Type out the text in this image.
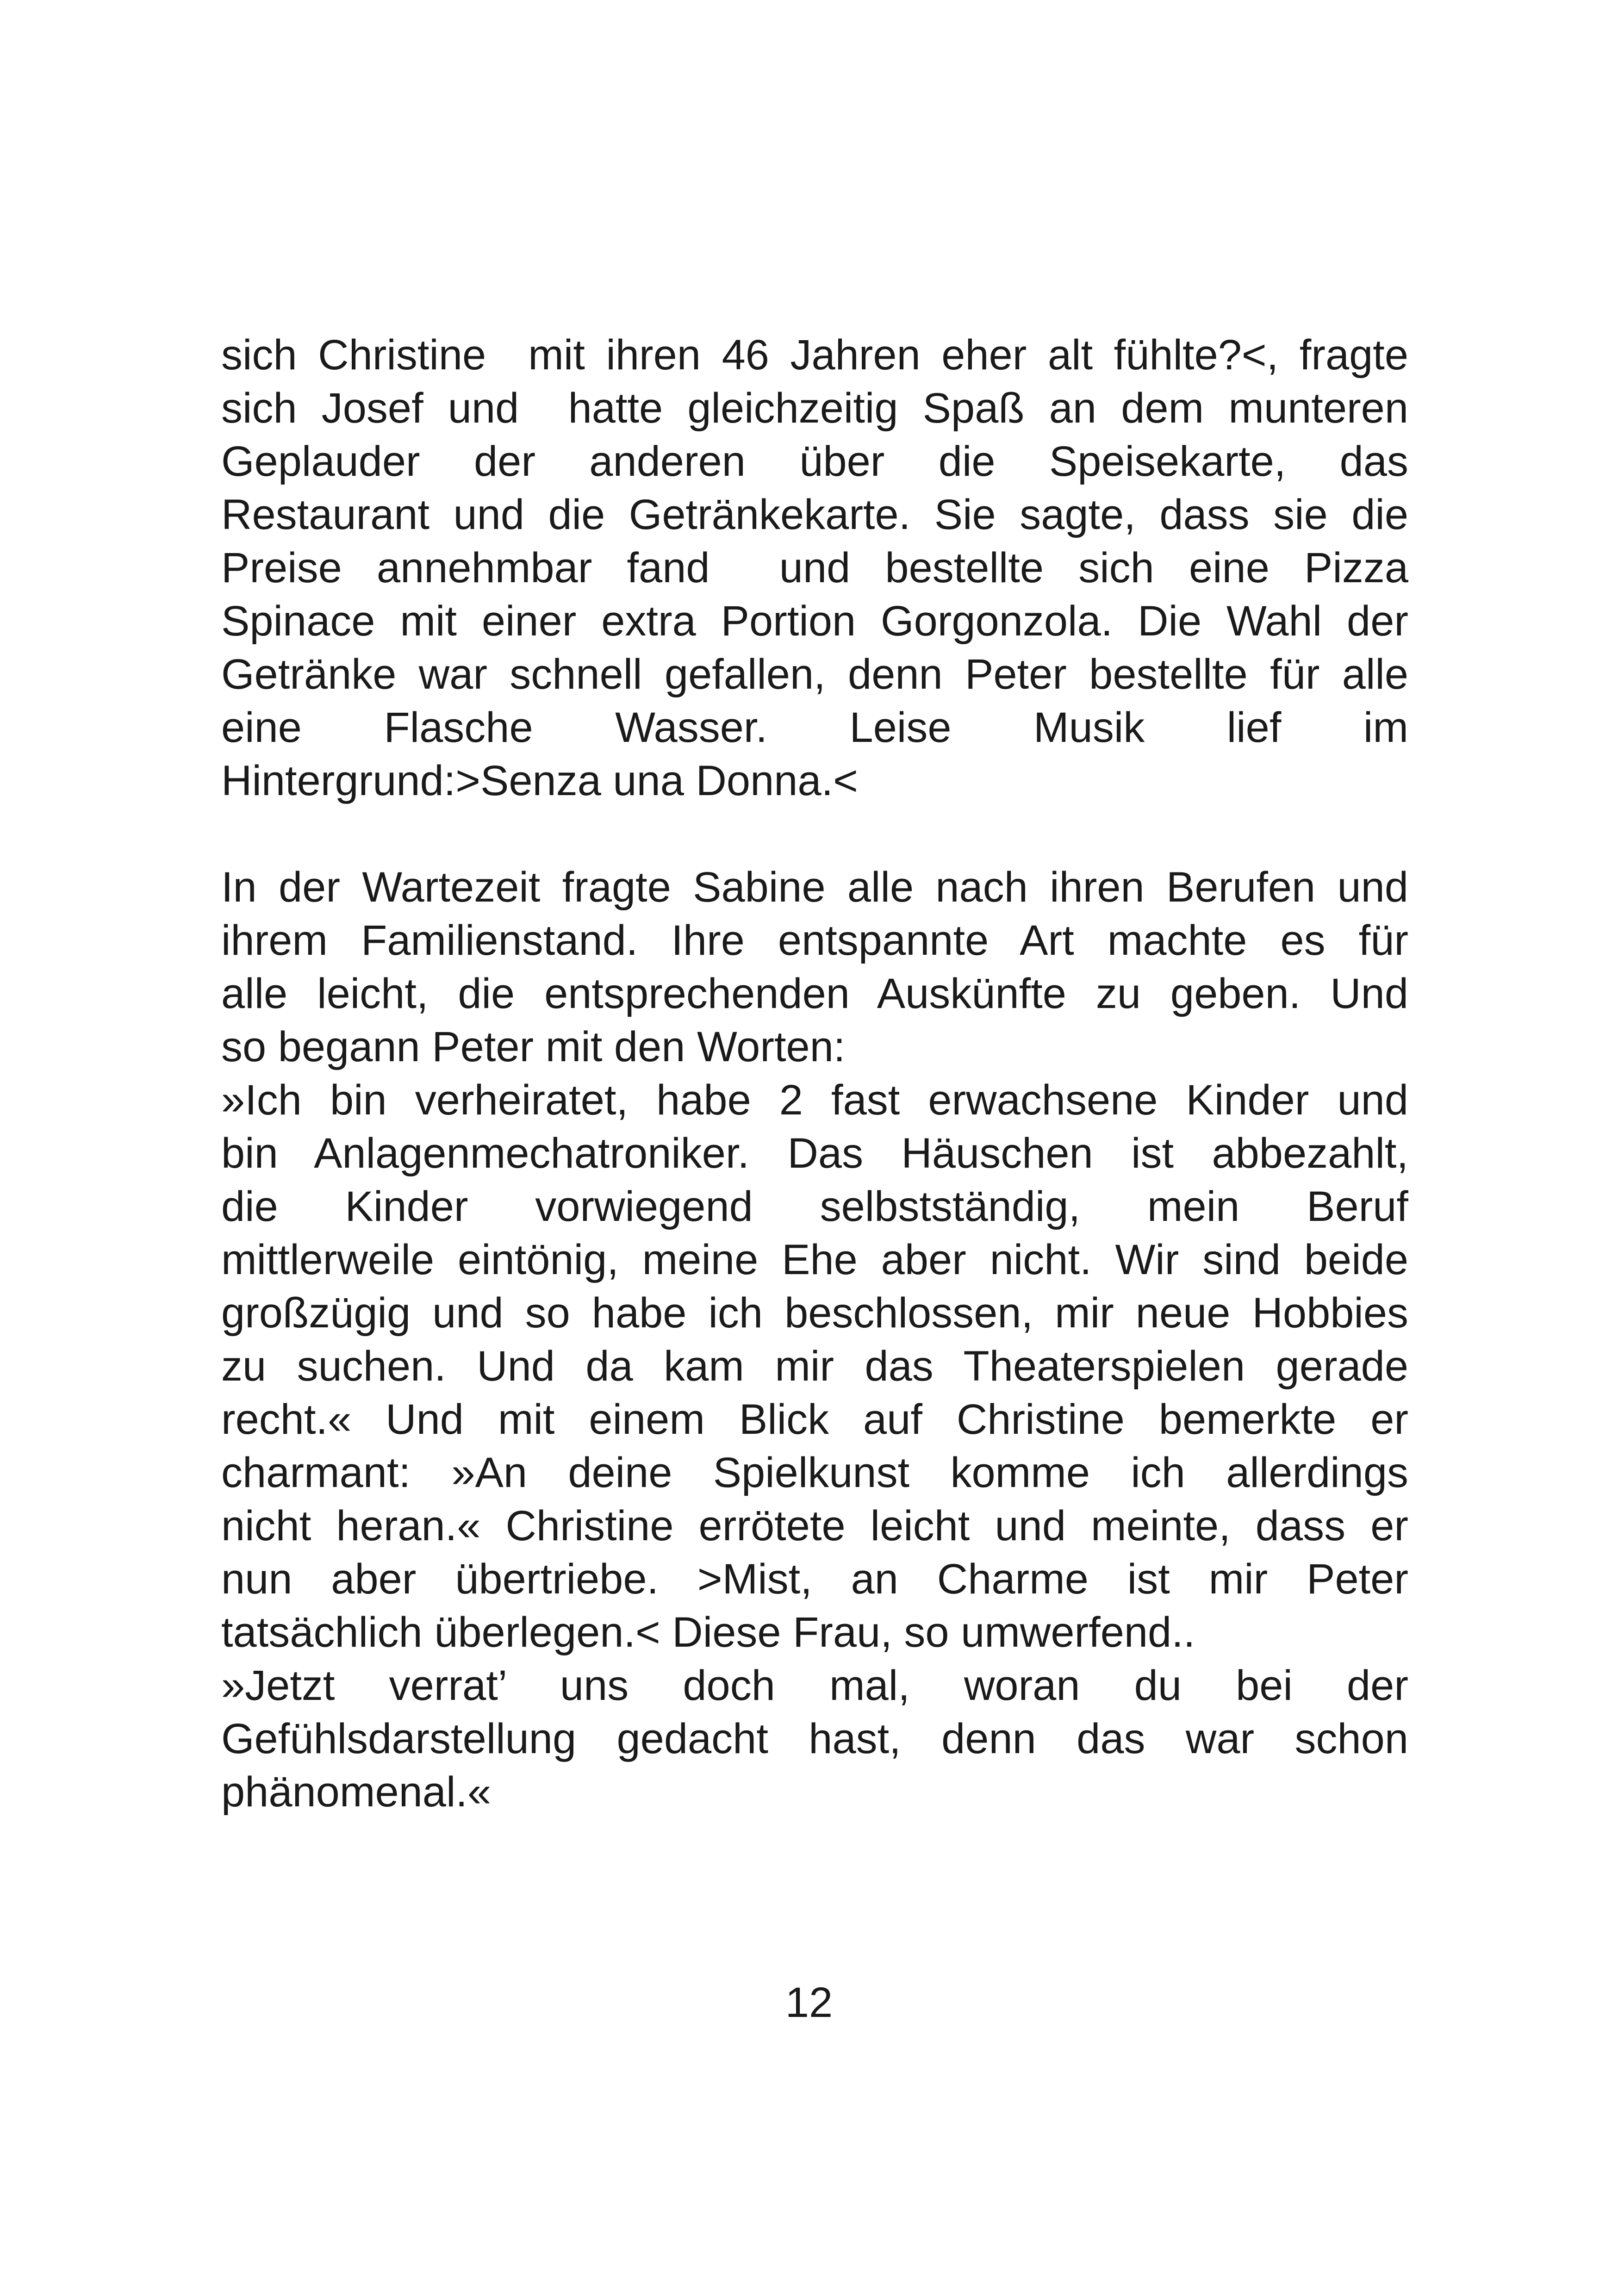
sich Christine  mit ihren 46 Jahren eher alt fühlte?<, fragte
sich Josef und  hatte gleichzeitig Spaß an dem munteren
Geplauder der anderen über die Speisekarte, das
Restaurant und die Getränkekarte. Sie sagte, dass sie die
Preise annehmbar fand  und bestellte sich eine Pizza
Spinace mit einer extra Portion Gorgonzola. Die Wahl der
Getränke war schnell gefallen, denn Peter bestellte für alle
eine Flasche Wasser. Leise Musik lief im
Hintergrund:>Senza una Donna.<
In der Wartezeit fragte Sabine alle nach ihren Berufen und
ihrem Familienstand. Ihre entspannte Art machte es für
alle leicht, die entsprechenden Auskünfte zu geben. Und
so begann Peter mit den Worten:
»Ich bin verheiratet, habe 2 fast erwachsene Kinder und
bin Anlagenmechatroniker. Das Häuschen ist abbezahlt,
die Kinder vorwiegend selbstständig, mein Beruf
mittlerweile eintönig, meine Ehe aber nicht. Wir sind beide
großzügig und so habe ich beschlossen, mir neue Hobbies
zu suchen. Und da kam mir das Theaterspielen gerade
recht.« Und mit einem Blick auf Christine bemerkte er
charmant: »An deine Spielkunst komme ich allerdings
nicht heran.« Christine errötete leicht und meinte, dass er
nun aber übertriebe. >Mist, an Charme ist mir Peter
tatsächlich überlegen.< Diese Frau, so umwerfend..
»Jetzt verrat’ uns doch mal, woran du bei der
Gefühlsdarstellung gedacht hast, denn das war schon
phänomenal.«
12
